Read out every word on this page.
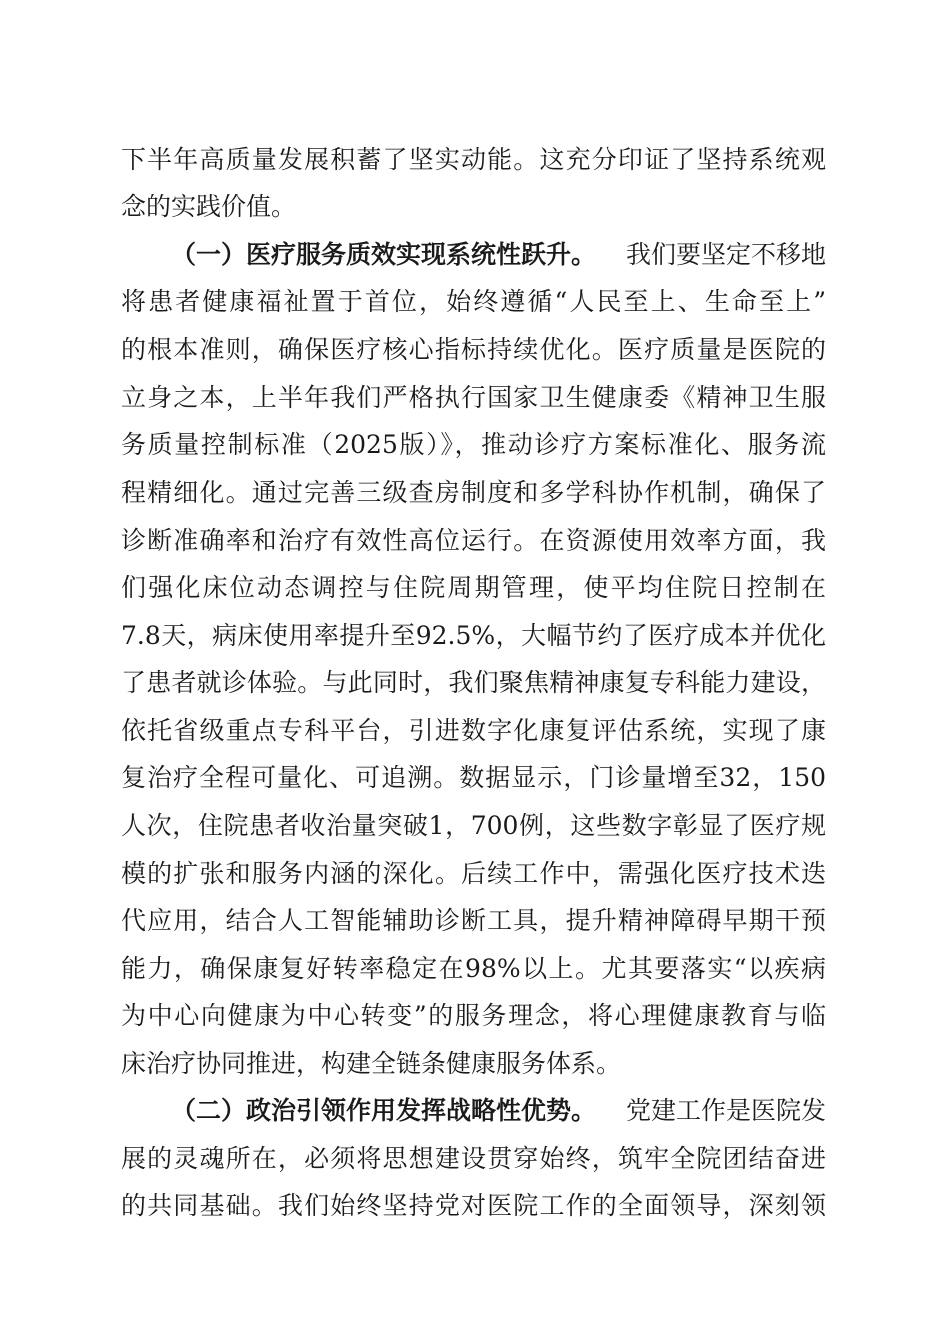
下半年高质量发展积蓄了坚实动能。这充分印证了坚持系统观
念的实践价值。
（一）医疗服务质效实现系统性跃升。 我们要坚定不移地
将患者健康福祉置于首位，始终遵循“人民至上、生命至上”
的根本准则，确保医疗核心指标持续优化。医疗质量是医院的
立身之本，上半年我们严格执行国家卫生健康委《精神卫生服
务质量控制标准（2025版）》，推动诊疗方案标准化、服务流
程精细化。通过完善三级查房制度和多学科协作机制，确保了
诊断准确率和治疗有效性高位运行。在资源使用效率方面，我
们强化床位动态调控与住院周期管理，使平均住院日控制在
7.8天，病床使用率提升至92.5%，大幅节约了医疗成本并优化
了患者就诊体验。与此同时，我们聚焦精神康复专科能力建设，
依托省级重点专科平台，引进数字化康复评估系统，实现了康
复治疗全程可量化、可追溯。数据显示，门诊量增至32，150
人次，住院患者收治量突破1，700例，这些数字彰显了医疗规
模的扩张和服务内涵的深化。后续工作中，需强化医疗技术迭
代应用，结合人工智能辅助诊断工具，提升精神障碍早期干预
能力，确保康复好转率稳定在98%以上。尤其要落实“以疾病
为中心向健康为中心转变”的服务理念，将心理健康教育与临
床治疗协同推进，构建全链条健康服务体系。
（二）政治引领作用发挥战略性优势。 党建工作是医院发
展的灵魂所在，必须将思想建设贯穿始终，筑牢全院团结奋进
的共同基础。我们始终坚持党对医院工作的全面领导，深刻领
